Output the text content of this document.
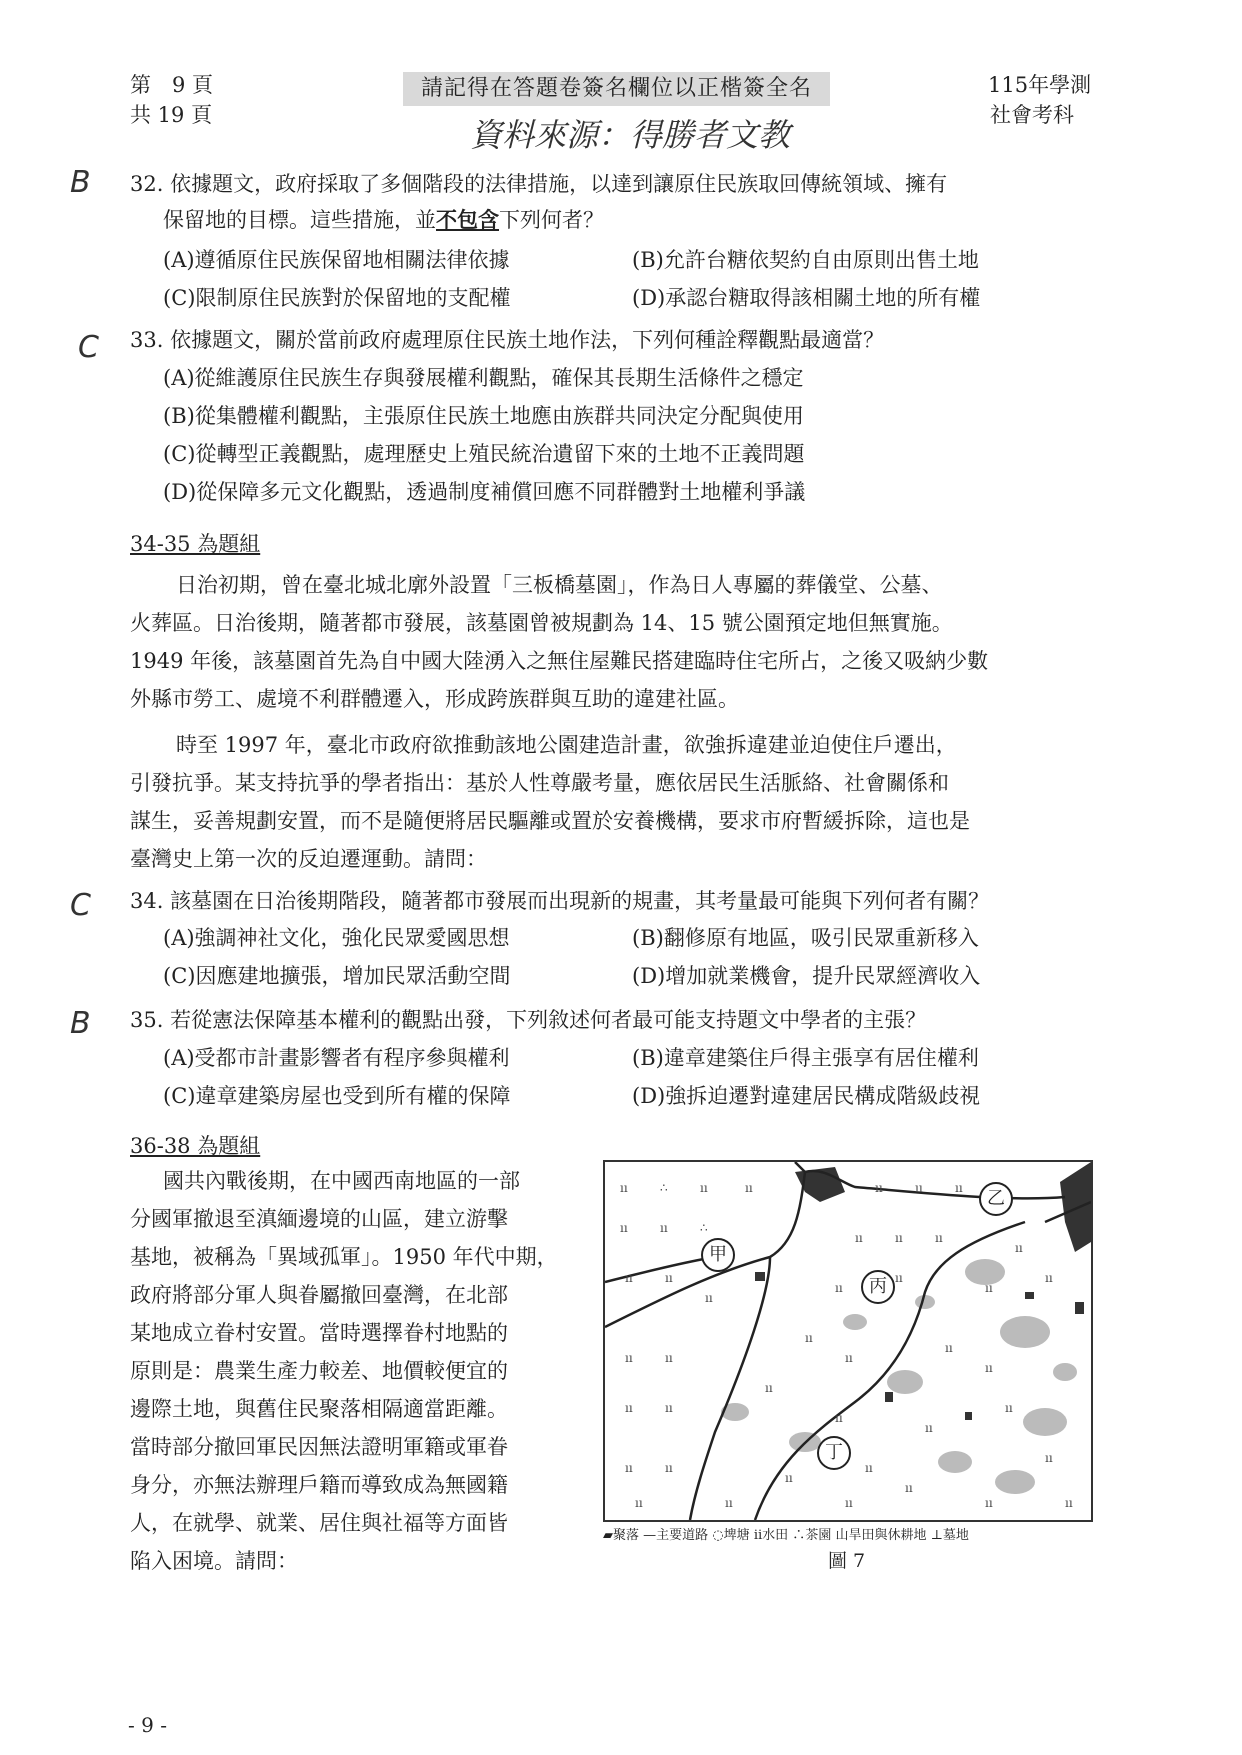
第　9 頁
共 19 頁
請記得在答題卷簽名欄位以正楷簽全名
資料來源：得勝者文教
115年學測
社會考科
B 32. 依據題文，政府採取了多個階段的法律措施，以達到讓原住民族取回傳統領域、擁有
保留地的目標。這些措施，並不包含下列何者？
(A)遵循原住民族保留地相關法律依據	(B)允許台糖依契約自由原則出售土地
(C)限制原住民族對於保留地的支配權	(D)承認台糖取得該相關土地的所有權
C 33. 依據題文，關於當前政府處理原住民族土地作法，下列何種詮釋觀點最適當？
(A)從維護原住民族生存與發展權利觀點，確保其長期生活條件之穩定
(B)從集體權利觀點，主張原住民族土地應由族群共同決定分配與使用
(C)從轉型正義觀點，處理歷史上殖民統治遺留下來的土地不正義問題
(D)從保障多元文化觀點，透過制度補償回應不同群體對土地權利爭議
34-35 為題組
日治初期，曾在臺北城北廓外設置「三板橋墓園」，作為日人專屬的葬儀堂、公墓、
火葬區。日治後期，隨著都市發展，該墓園曾被規劃為 14、15 號公園預定地但無實施。
1949 年後，該墓園首先為自中國大陸湧入之無住屋難民搭建臨時住宅所占，之後又吸納少數
外縣市勞工、處境不利群體遷入，形成跨族群與互助的違建社區。
時至 1997 年，臺北市政府欲推動該地公園建造計畫，欲強拆違建並迫使住戶遷出，
引發抗爭。某支持抗爭的學者指出：基於人性尊嚴考量，應依居民生活脈絡、社會關係和
謀生，妥善規劃安置，而不是隨便將居民驅離或置於安養機構，要求市府暫緩拆除，這也是
臺灣史上第一次的反迫遷運動。請問：
C 34. 該墓園在日治後期階段，隨著都市發展而出現新的規畫，其考量最可能與下列何者有關？
(A)強調神社文化，強化民眾愛國思想	(B)翻修原有地區，吸引民眾重新移入
(C)因應建地擴張，增加民眾活動空間	(D)增加就業機會，提升民眾經濟收入
B 35. 若從憲法保障基本權利的觀點出發，下列敘述何者最可能支持題文中學者的主張？
(A)受都市計畫影響者有程序參與權利	(B)違章建築住戶得主張享有居住權利
(C)違章建築房屋也受到所有權的保障	(D)強拆迫遷對違建居民構成階級歧視
36-38 為題組
國共內戰後期，在中國西南地區的一部
分國軍撤退至滇緬邊境的山區，建立游擊
基地，被稱為「異域孤軍」。1950 年代中期，
政府將部分軍人與眷屬撤回臺灣，在北部
某地成立眷村安置。當時選擇眷村地點的
原則是：農業生產力較差、地價較便宜的
邊際土地，與舊住民聚落相隔適當距離。
當時部分撤回軍民因無法證明軍籍或軍眷
身分，亦無法辦理戶籍而導致成為無國籍
人，在就學、就業、居住與社福等方面皆
陷入困境。請問：
ıı	∴	ıı	ıı	ıı	ıı	ıı
ıı	ıı	∴
ıı	ıı	ıı
ıı
ıı	ıı
ıı
ıı
ıı
ıı
ıı
ıı	ıı
ıı
ıı
ıı
ıı
ıı	ıı
ıı
ıı
ıı
ıı
ıı	ıı
ıı
ıı
ıı
ıı
ıı	ıı	ıı	ıı	ıı
甲
乙
丙
丁
▰聚落 —主要道路 ◌埤塘 ⅱ水田 ∴茶園 山旱田與休耕地 ⊥墓地
圖 7
- 9 -
